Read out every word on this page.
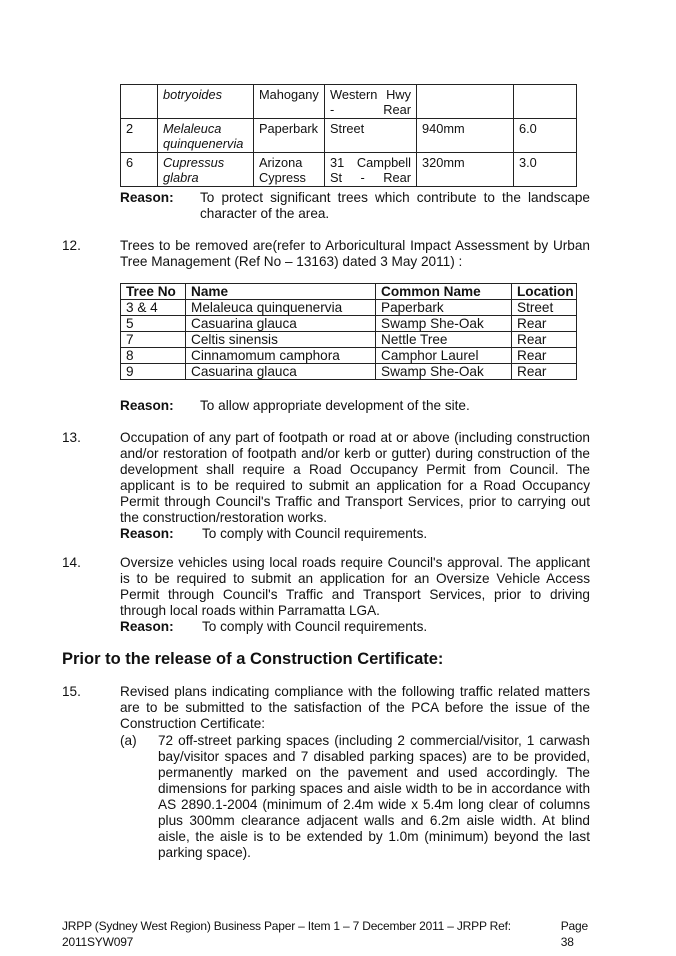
	botryoides	Mahogany	Western Hwy - Rear		
2	Melaleuca quinquenervia	Paperbark	Street	940mm	6.0
6	Cupressus glabra	Arizona Cypress	31 Campbell St - Rear	320mm	3.0
Reason:	To protect significant trees which contribute to the landscape character of the area.
12.	Trees to be removed are(refer to Arboricultural Impact Assessment by Urban Tree Management (Ref No – 13163) dated 3 May 2011) :
Tree No	Name	Common Name	Location
3 & 4	Melaleuca quinquenervia	Paperbark	Street
5	Casuarina glauca	Swamp She-Oak	Rear
7	Celtis sinensis	Nettle Tree	Rear
8	Cinnamomum camphora	Camphor Laurel	Rear
9	Casuarina glauca	Swamp She-Oak	Rear
Reason:	To allow appropriate development of the site.
13.	Occupation of any part of footpath or road at or above (including construction and/or restoration of footpath and/or kerb or gutter) during construction of the development shall require a Road Occupancy Permit from Council. The applicant is to be required to submit an application for a Road Occupancy Permit through Council's Traffic and Transport Services, prior to carrying out the construction/restoration works.
Reason:	To comply with Council requirements.
14.	Oversize vehicles using local roads require Council's approval. The applicant is to be required to submit an application for an Oversize Vehicle Access Permit through Council's Traffic and Transport Services, prior to driving through local roads within Parramatta LGA.
Reason:	To comply with Council requirements.
Prior to the release of a Construction Certificate:
15.	Revised plans indicating compliance with the following traffic related matters are to be submitted to the satisfaction of the PCA before the issue of the Construction Certificate:
(a)	72 off-street parking spaces (including 2 commercial/visitor, 1 carwash bay/visitor spaces and 7 disabled parking spaces) are to be provided, permanently marked on the pavement and used accordingly. The dimensions for parking spaces and aisle width to be in accordance with AS 2890.1-2004 (minimum of 2.4m wide x 5.4m long clear of columns plus 300mm clearance adjacent walls and 6.2m aisle width. At blind aisle, the aisle is to be extended by 1.0m (minimum) beyond the last parking space).
JRPP (Sydney West Region) Business Paper – Item 1 – 7 December 2011 – JRPP Ref: 2011SYW097
Page 38
